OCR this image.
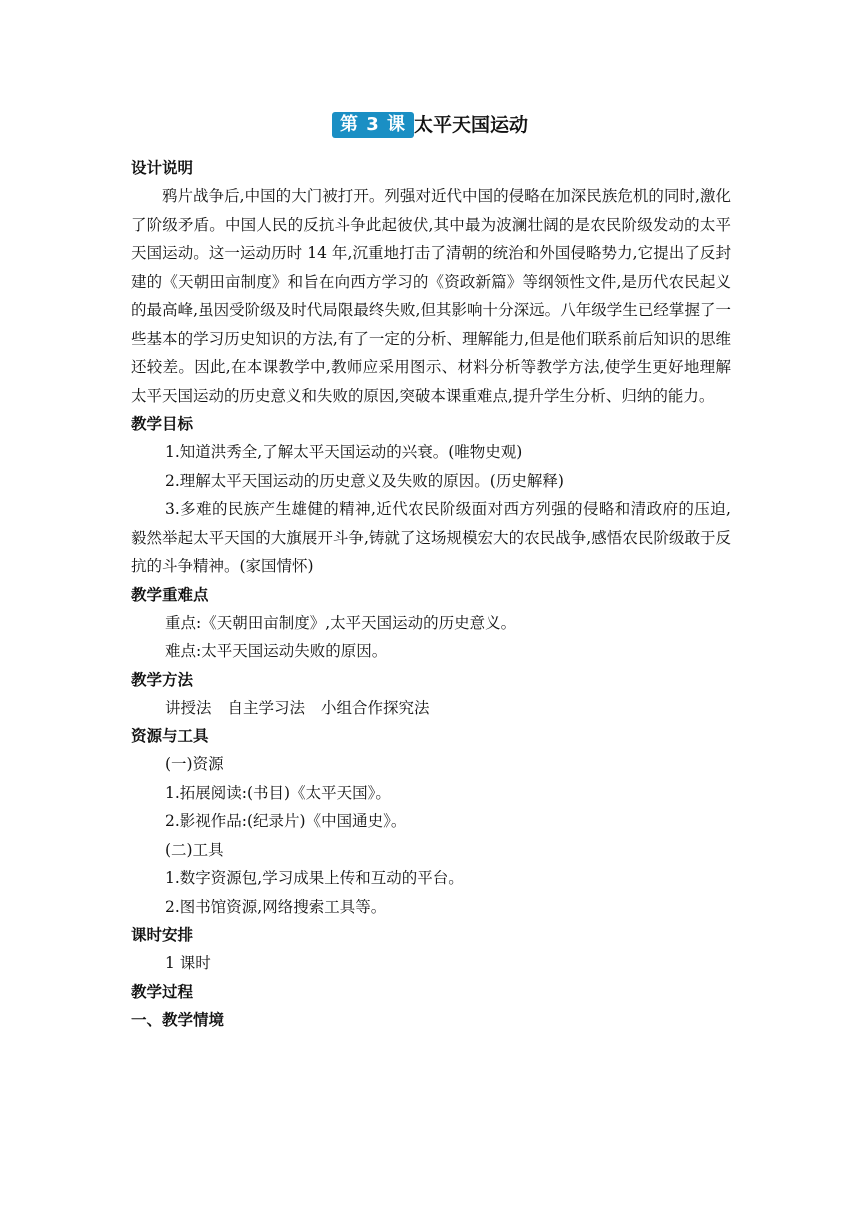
第 3 课 太平天国运动
设计说明
鸦片战争后,中国的大门被打开。列强对近代中国的侵略在加深民族危机的同时,激化了阶级矛盾。中国人民的反抗斗争此起彼伏,其中最为波澜壮阔的是农民阶级发动的太平天国运动。这一运动历时 14 年,沉重地打击了清朝的统治和外国侵略势力,它提出了反封建的《天朝田亩制度》和旨在向西方学习的《资政新篇》等纲领性文件,是历代农民起义的最高峰,虽因受阶级及时代局限最终失败,但其影响十分深远。八年级学生已经掌握了一些基本的学习历史知识的方法,有了一定的分析、理解能力,但是他们联系前后知识的思维还较差。因此,在本课教学中,教师应采用图示、材料分析等教学方法,使学生更好地理解太平天国运动的历史意义和失败的原因,突破本课重难点,提升学生分析、归纳的能力。
教学目标
1.知道洪秀全,了解太平天国运动的兴衰。(唯物史观)
2.理解太平天国运动的历史意义及失败的原因。(历史解释)
3.多难的民族产生雄健的精神,近代农民阶级面对西方列强的侵略和清政府的压迫,毅然举起太平天国的大旗展开斗争,铸就了这场规模宏大的农民战争,感悟农民阶级敢于反抗的斗争精神。(家国情怀)
教学重难点
重点:《天朝田亩制度》,太平天国运动的历史意义。
难点:太平天国运动失败的原因。
教学方法
讲授法 自主学习法 小组合作探究法
资源与工具
(一)资源
1.拓展阅读:(书目)《太平天国》。
2.影视作品:(纪录片)《中国通史》。
(二)工具
1.数字资源包,学习成果上传和互动的平台。
2.图书馆资源,网络搜索工具等。
课时安排
1 课时
教学过程
一、教学情境
